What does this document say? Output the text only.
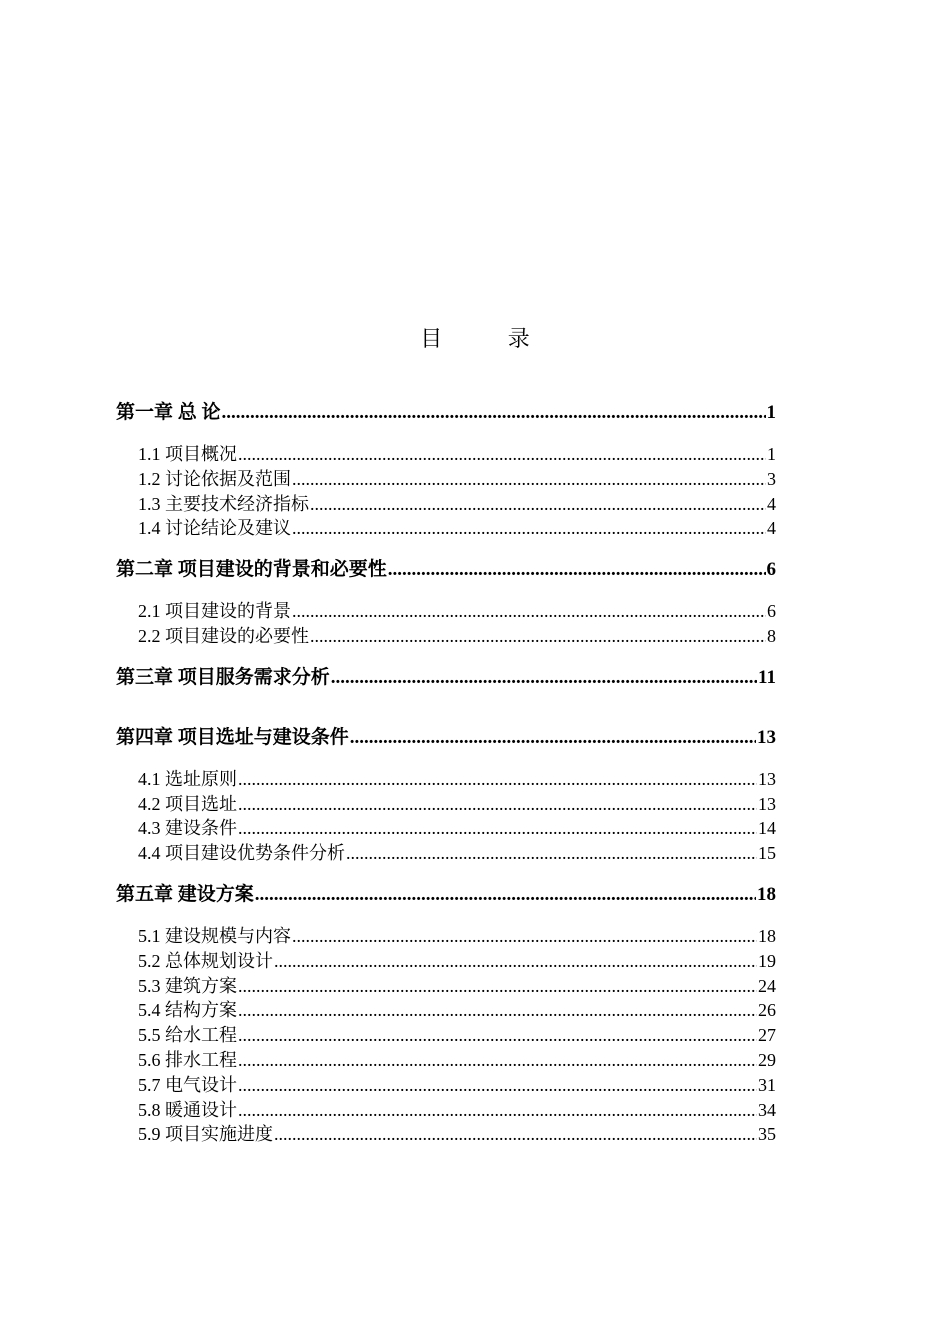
目 录
第一章 总 论 .....	1
1.1 项目概况 .....	1
1.2 讨论依据及范围 .....	3
1.3 主要技术经济指标 .....	4
1.4 讨论结论及建议 .....	4
第二章 项目建设的背景和必要性 .....	6
2.1 项目建设的背景 .....	6
2.2 项目建设的必要性 .....	8
第三章 项目服务需求分析 .....	11
第四章 项目选址与建设条件 .....	13
4.1 选址原则 .....	13
4.2 项目选址 .....	13
4.3 建设条件 .....	14
4.4 项目建设优势条件分析 .....	15
第五章 建设方案 .....	18
5.1 建设规模与内容 .....	18
5.2 总体规划设计 .....	19
5.3 建筑方案 .....	24
5.4 结构方案 .....	26
5.5 给水工程 .....	27
5.6 排水工程 .....	29
5.7 电气设计 .....	31
5.8 暖通设计 .....	34
5.9 项目实施进度 .....	35
